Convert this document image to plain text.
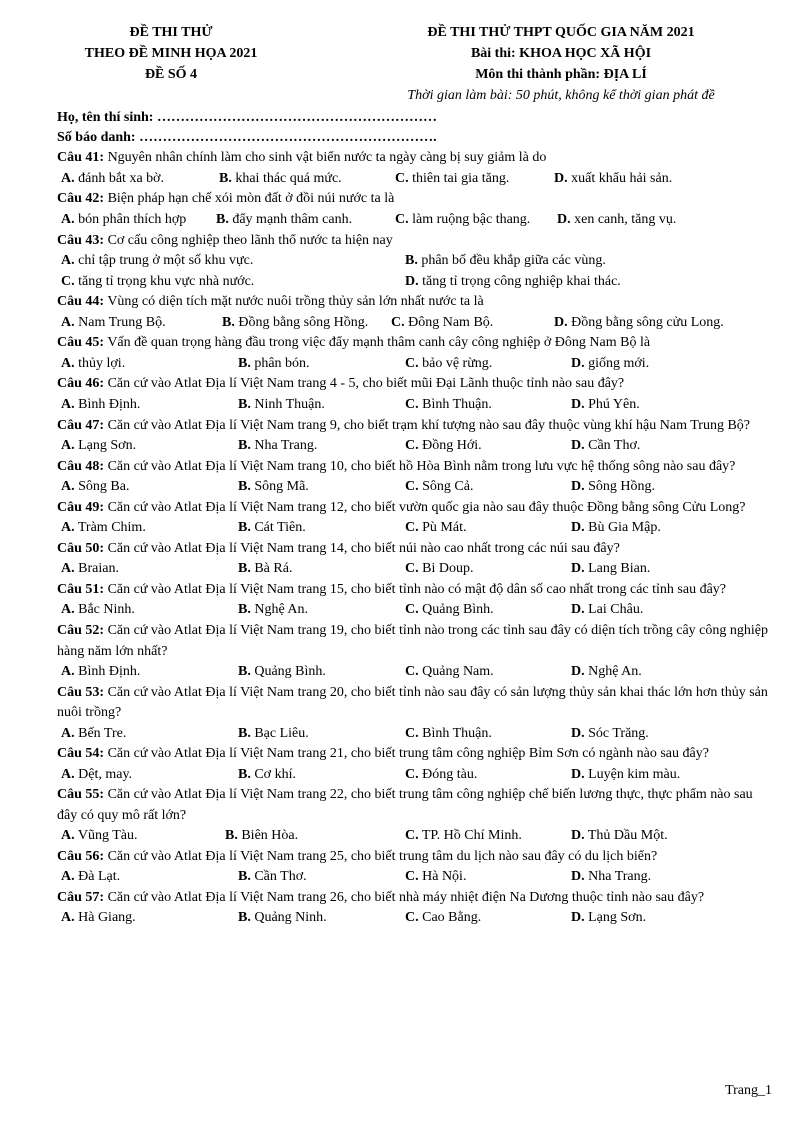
ĐỀ THI THỬ
THEO ĐỀ MINH HỌA 2021
ĐỀ SỐ 4
ĐỀ THI THỬ THPT QUỐC GIA NĂM 2021
Bài thi: KHOA HỌC XÃ HỘI
Môn thi thành phần: ĐỊA LÍ
Thời gian làm bài: 50 phút, không kể thời gian phát đề
Họ, tên thí sinh: ……………………………………………………
Số báo danh: ……………………………………………………….
Câu 41: Nguyên nhân chính làm cho sinh vật biển nước ta ngày càng bị suy giảm là do
A. đánh bắt xa bờ.	B. khai thác quá mức.	C. thiên tai gia tăng.	D. xuất khẩu hải sản.
Câu 42: Biện pháp hạn chế xói mòn đất ở đồi núi nước ta là
A. bón phân thích hợp B. đẩy mạnh thâm canh.	C. làm ruộng bậc thang. D. xen canh, tăng vụ.
Câu 43: Cơ cấu công nghiệp theo lãnh thổ nước ta hiện nay
A. chỉ tập trung ở một số khu vực.	B. phân bố đều khắp giữa các vùng.
C. tăng tỉ trọng khu vực nhà nước.	D. tăng tỉ trọng công nghiệp khai thác.
Câu 44: Vùng có diện tích mặt nước nuôi trồng thủy sản lớn nhất nước ta là
A. Nam Trung Bộ.	B. Đồng bằng sông Hồng. C. Đông Nam Bộ.	D. Đồng bằng sông cửu Long.
Câu 45: Vấn đề quan trọng hàng đầu trong việc đẩy mạnh thâm canh cây công nghiệp ở Đông Nam Bộ là
A. thủy lợi.	B. phân bón.	C. bảo vệ rừng.	D. giống mới.
Câu 46: Căn cứ vào Atlat Địa lí Việt Nam trang 4 - 5, cho biết mũi Đại Lãnh thuộc tỉnh nào sau đây?
A. Bình Định.	B. Ninh Thuận.	C. Bình Thuận.	D. Phú Yên.
Câu 47: Căn cứ vào Atlat Địa lí Việt Nam trang 9, cho biết trạm khí tượng nào sau đây thuộc vùng khí hậu Nam Trung Bộ?
A. Lạng Sơn.	B. Nha Trang.	C. Đồng Hới.	D. Cần Thơ.
Câu 48: Căn cứ vào Atlat Địa lí Việt Nam trang 10, cho biết hồ Hòa Bình nằm trong lưu vực hệ thống sông nào sau đây?
A. Sông Ba.	B. Sông Mã.	C. Sông Cả.	D. Sông Hồng.
Câu 49: Căn cứ vào Atlat Địa lí Việt Nam trang 12, cho biết vườn quốc gia nào sau đây thuộc Đồng bằng sông Cửu Long?
A. Tràm Chim.	B. Cát Tiên.	C. Pù Mát.	D. Bù Gia Mập.
Câu 50: Căn cứ vào Atlat Địa lí Việt Nam trang 14, cho biết núi nào cao nhất trong các núi sau đây?
A. Braian.	B. Bà Rá.	C. Bi Doup.	D. Lang Bian.
Câu 51: Căn cứ vào Atlat Địa lí Việt Nam trang 15, cho biết tỉnh nào có mật độ dân số cao nhất trong các tỉnh sau đây?
A. Bắc Ninh.	B. Nghệ An.	C. Quảng Bình.	D. Lai Châu.
Câu 52: Căn cứ vào Atlat Địa lí Việt Nam trang 19, cho biết tỉnh nào trong các tỉnh sau đây có diện tích trồng cây công nghiệp hàng năm lớn nhất?
A. Bình Định.	B. Quảng Bình.	C. Quảng Nam.	D. Nghệ An.
Câu 53: Căn cứ vào Atlat Địa lí Việt Nam trang 20, cho biết tỉnh nào sau đây có sản lượng thủy sản khai thác lớn hơn thủy sản nuôi trồng?
A. Bến Tre.	B. Bạc Liêu.	C. Bình Thuận.	D. Sóc Trăng.
Câu 54: Căn cứ vào Atlat Địa lí Việt Nam trang 21, cho biết trung tâm công nghiệp Bỉm Sơn có ngành nào sau đây?
A. Dệt, may.	B. Cơ khí.	C. Đóng tàu.	D. Luyện kim màu.
Câu 55: Căn cứ vào Atlat Địa lí Việt Nam trang 22, cho biết trung tâm công nghiệp chế biến lương thực, thực phẩm nào sau đây có quy mô rất lớn?
A. Vũng Tàu.	B. Biên Hòa.	C. TP. Hồ Chí Minh.	D. Thủ Dầu Một.
Câu 56: Căn cứ vào Atlat Địa lí Việt Nam trang 25, cho biết trung tâm du lịch nào sau đây có du lịch biển?
A. Đà Lạt.	B. Cần Thơ.	C. Hà Nội.	D. Nha Trang.
Câu 57: Căn cứ vào Atlat Địa lí Việt Nam trang 26, cho biết nhà máy nhiệt điện Na Dương thuộc tỉnh nào sau đây?
A. Hà Giang.	B. Quảng Ninh.	C. Cao Bằng.	D. Lạng Sơn.
Trang_1
